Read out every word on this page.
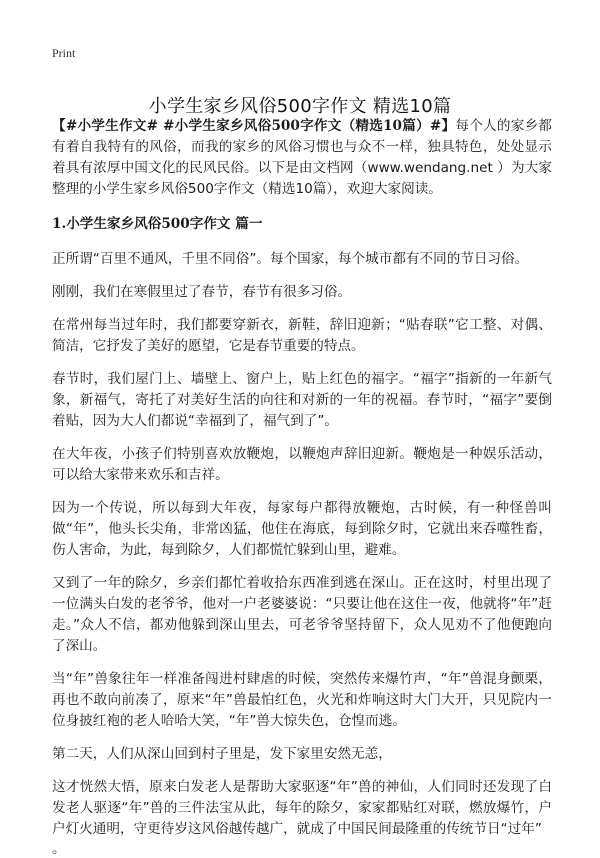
Print
小学生家乡风俗500字作文 精选10篇

【#小学生作文# #小学生家乡风俗500字作文（精选10篇）#】每个人的家乡都有着自我特有的风俗，而我的家乡的风俗习惯也与众不一样，独具特色，处处显示着具有浓厚中国文化的民风民俗。以下是由文档网（www.wendang.net ）为大家整理的小学生家乡风俗500字作文（精选10篇），欢迎大家阅读。

1.小学生家乡风俗500字作文 篇一

正所谓“百里不通风，千里不同俗”。每个国家，每个城市都有不同的节日习俗。

刚刚，我们在寒假里过了春节，春节有很多习俗。

在常州每当过年时，我们都要穿新衣，新鞋，辞旧迎新；“贴春联”它工整、对偶、简洁，它抒发了美好的愿望，它是春节重要的特点。

春节时，我们屋门上、墙壁上、窗户上，贴上红色的福字。“福字”指新的一年新气象，新福气，寄托了对美好生活的向往和对新的一年的祝福。春节时，“福字”要倒着贴，因为大人们都说“幸福到了，福气到了”。

在大年夜，小孩子们特别喜欢放鞭炮，以鞭炮声辞旧迎新。鞭炮是一种娱乐活动，可以给大家带来欢乐和吉祥。

因为一个传说，所以每到大年夜，每家每户都得放鞭炮，古时候，有一种怪兽叫做“年”，他头长尖角，非常凶猛，他住在海底，每到除夕时，它就出来吞噬牲畜，伤人害命，为此，每到除夕，人们都慌忙躲到山里，避难。

又到了一年的除夕，乡亲们都忙着收拾东西准到逃在深山。正在这时，村里出现了一位满头白发的老爷爷，他对一户老婆婆说：“只要让他在这住一夜，他就将“年”赶走。”众人不信，都劝他躲到深山里去，可老爷爷坚持留下，众人见劝不了他便跑向了深山。

当“年”兽象往年一样准备闯进村肆虐的时候，突然传来爆竹声，“年”兽混身颤栗，再也不敢向前凑了，原来“年”兽最怕红色，火光和炸响这时大门大开，只见院内一位身披红袍的老人哈哈大笑，“年”兽大惊失色，仓惶而逃。

第二天，人们从深山回到村子里是，发下家里安然无恙，

这才恍然大悟，原来白发老人是帮助大家驱逐“年”兽的神仙，人们同时还发现了白发老人驱逐“年”兽的三件法宝从此，每年的除夕，家家都贴红对联，燃放爆竹，户户灯火通明，守更待岁这风俗越传越广，就成了中国民间最隆重的传统节日“过年”

。
